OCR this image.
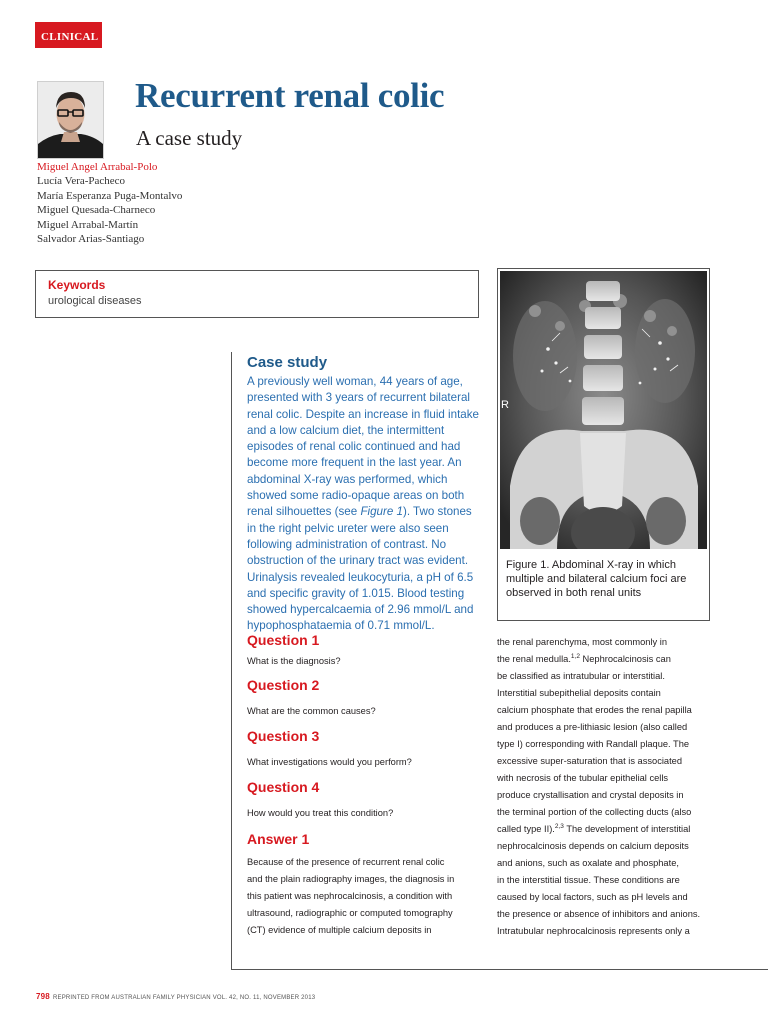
CLINICAL
Recurrent renal colic
A case study
Miguel Angel Arrabal-Polo
Lucía Vera-Pacheco
María Esperanza Puga-Montalvo
Miguel Quesada-Charneco
Miguel Arrabal-Martín
Salvador Arias-Santiago
Keywords
urological diseases
R
Figure 1. Abdominal X-ray in which
multiple and bilateral calcium foci are
observed in both renal units
Case study
A previously well woman, 44 years of age,
presented with 3 years of recurrent bilateral
renal colic. Despite an increase in fluid intake
and a low calcium diet, the intermittent
episodes of renal colic continued and had
become more frequent in the last year. An
abdominal X-ray was performed, which
showed some radio-opaque areas on both
renal silhouettes (see Figure 1). Two stones
in the right pelvic ureter were also seen
following administration of contrast. No
obstruction of the urinary tract was evident.
Urinalysis revealed leukocyturia, a pH of 6.5
and specific gravity of 1.015. Blood testing
showed hypercalcaemia of 2.96 mmol/L and
hypophosphataemia of 0.71 mmol/L.
Question 1
What is the diagnosis?
Question 2
What are the common causes?
Question 3
What investigations would you perform?
Question 4
How would you treat this condition?
Answer 1
Because of the presence of recurrent renal colic
and the plain radiography images, the diagnosis in
this patient was nephrocalcinosis, a condition with
ultrasound, radiographic or computed tomography
(CT) evidence of multiple calcium deposits in
the renal parenchyma, most commonly in
the renal medulla.$^{1,2}$ Nephrocalcinosis can
be classified as intratubular or interstitial.
Interstitial subepithelial deposits contain
calcium phosphate that erodes the renal papilla
and produces a pre-lithiasic lesion (also called
type I) corresponding with Randall plaque. The
excessive super-saturation that is associated
with necrosis of the tubular epithelial cells
produce crystallisation and crystal deposits in
the terminal portion of the collecting ducts (also
called type II).$^{2,3}$ The development of interstitial
nephrocalcinosis depends on calcium deposits
and anions, such as oxalate and phosphate,
in the interstitial tissue. These conditions are
caused by local factors, such as pH levels and
the presence or absence of inhibitors and anions.
Intratubular nephrocalcinosis represents only a
798 REPRINTED FROM AUSTRALIAN FAMILY PHYSICIAN VOL. 42, NO. 11, NOVEMBER 2013
